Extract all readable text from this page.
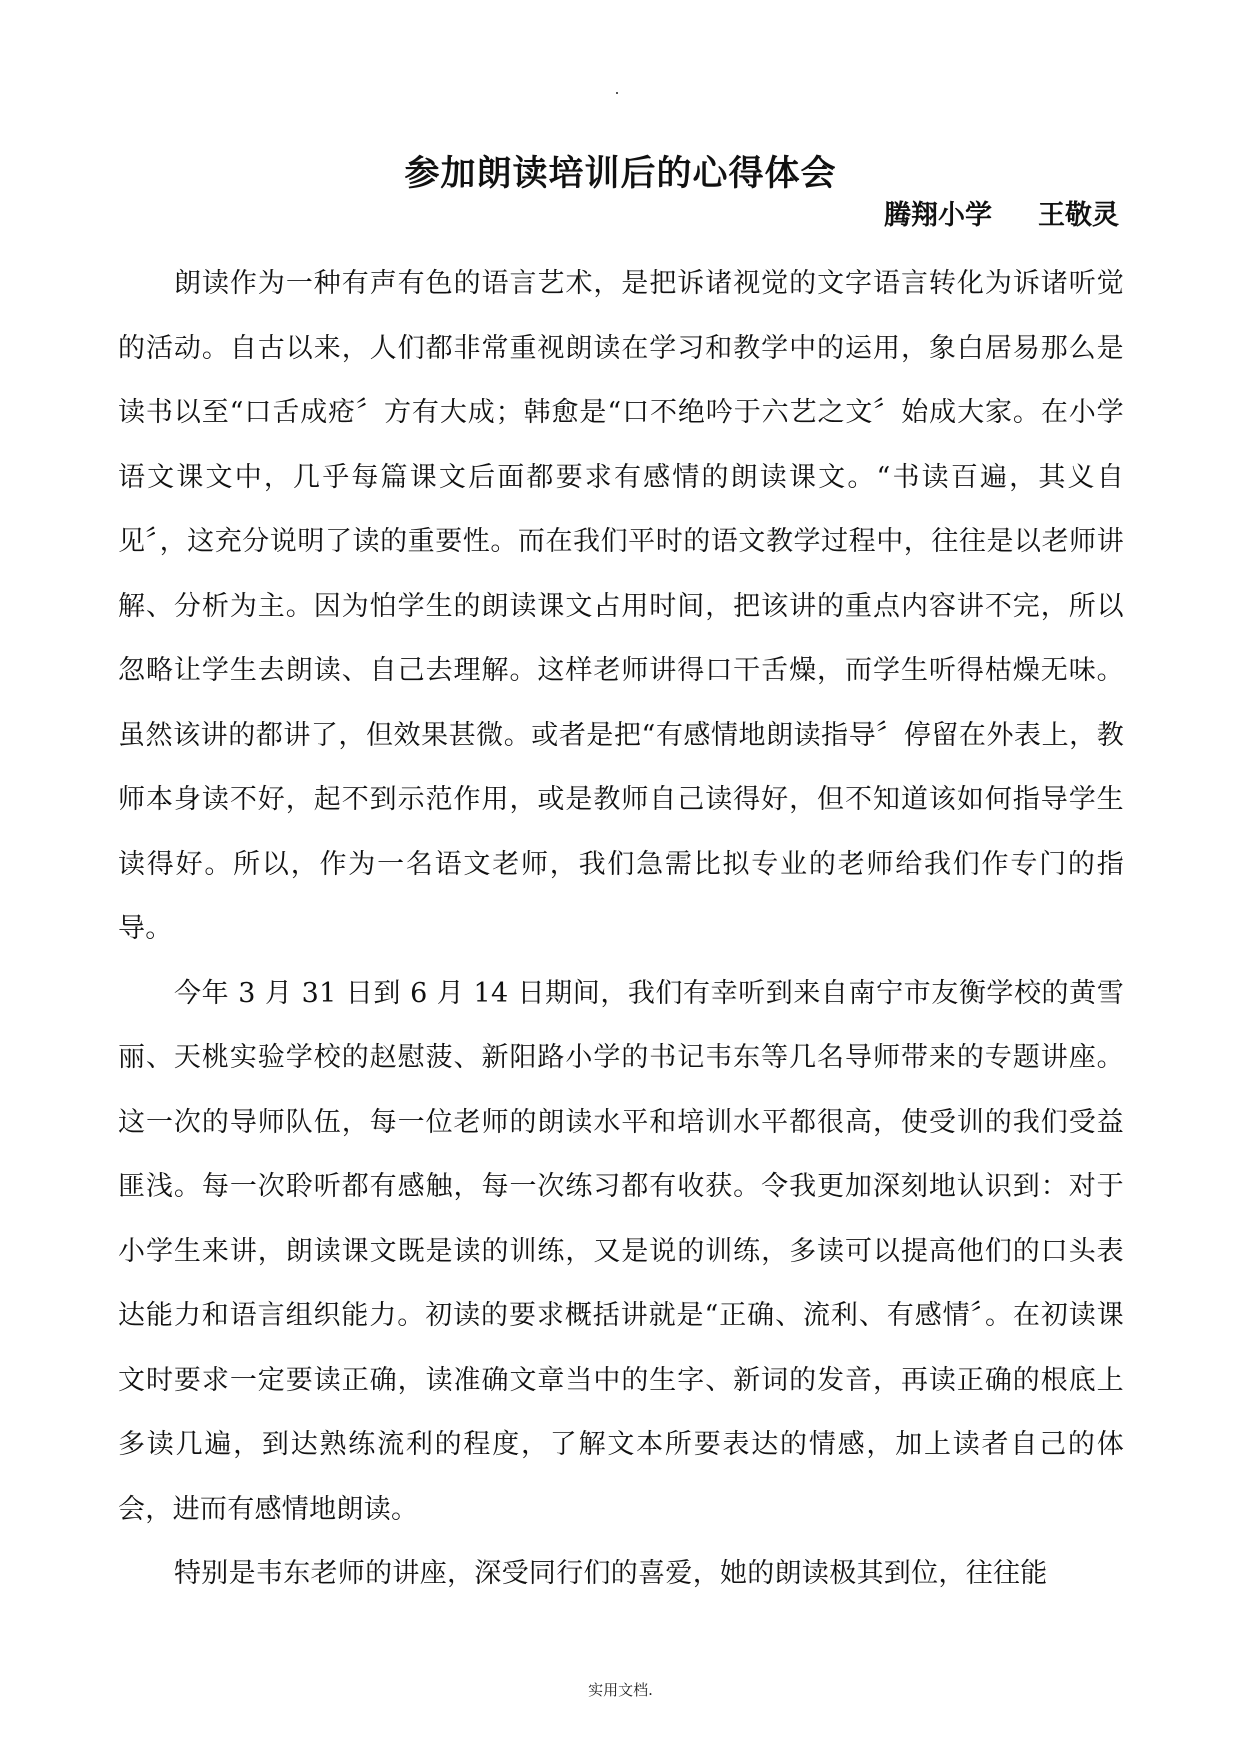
参加朗读培训后的心得体会
腾翔小学 王敬灵

朗读作为一种有声有色的语言艺术，是把诉诸视觉的文字语言转化为诉诸听觉的活动。自古以来，人们都非常重视朗读在学习和教学中的运用，象白居易那么是读书以至“口舌成疮〞方有大成；韩愈是“口不绝吟于六艺之文〞始成大家。在小学语文课文中，几乎每篇课文后面都要求有感情的朗读课文。“书读百遍，其义自见〞，这充分说明了读的重要性。而在我们平时的语文教学过程中，往往是以老师讲解、分析为主。因为怕学生的朗读课文占用时间，把该讲的重点内容讲不完，所以忽略让学生去朗读、自己去理解。这样老师讲得口干舌燥，而学生听得枯燥无味。虽然该讲的都讲了，但效果甚微。或者是把“有感情地朗读指导〞停留在外表上，教师本身读不好，起不到示范作用，或是教师自己读得好，但不知道该如何指导学生读得好。所以，作为一名语文老师，我们急需比拟专业的老师给我们作专门的指导。

今年 3 月 31 日到 6 月 14 日期间，我们有幸听到来自南宁市友衡学校的黄雪丽、天桃实验学校的赵慰菠、新阳路小学的书记韦东等几名导师带来的专题讲座。这一次的导师队伍，每一位老师的朗读水平和培训水平都很高，使受训的我们受益匪浅。每一次聆听都有感触，每一次练习都有收获。令我更加深刻地认识到：对于小学生来讲，朗读课文既是读的训练，又是说的训练，多读可以提高他们的口头表达能力和语言组织能力。初读的要求概括讲就是“正确、流利、有感情〞。在初读课文时要求一定要读正确，读准确文章当中的生字、新词的发音，再读正确的根底上多读几遍，到达熟练流利的程度，了解文本所要表达的情感，加上读者自己的体会，进而有感情地朗读。

特别是韦东老师的讲座，深受同行们的喜爱，她的朗读极其到位，往往能

实用文档.
